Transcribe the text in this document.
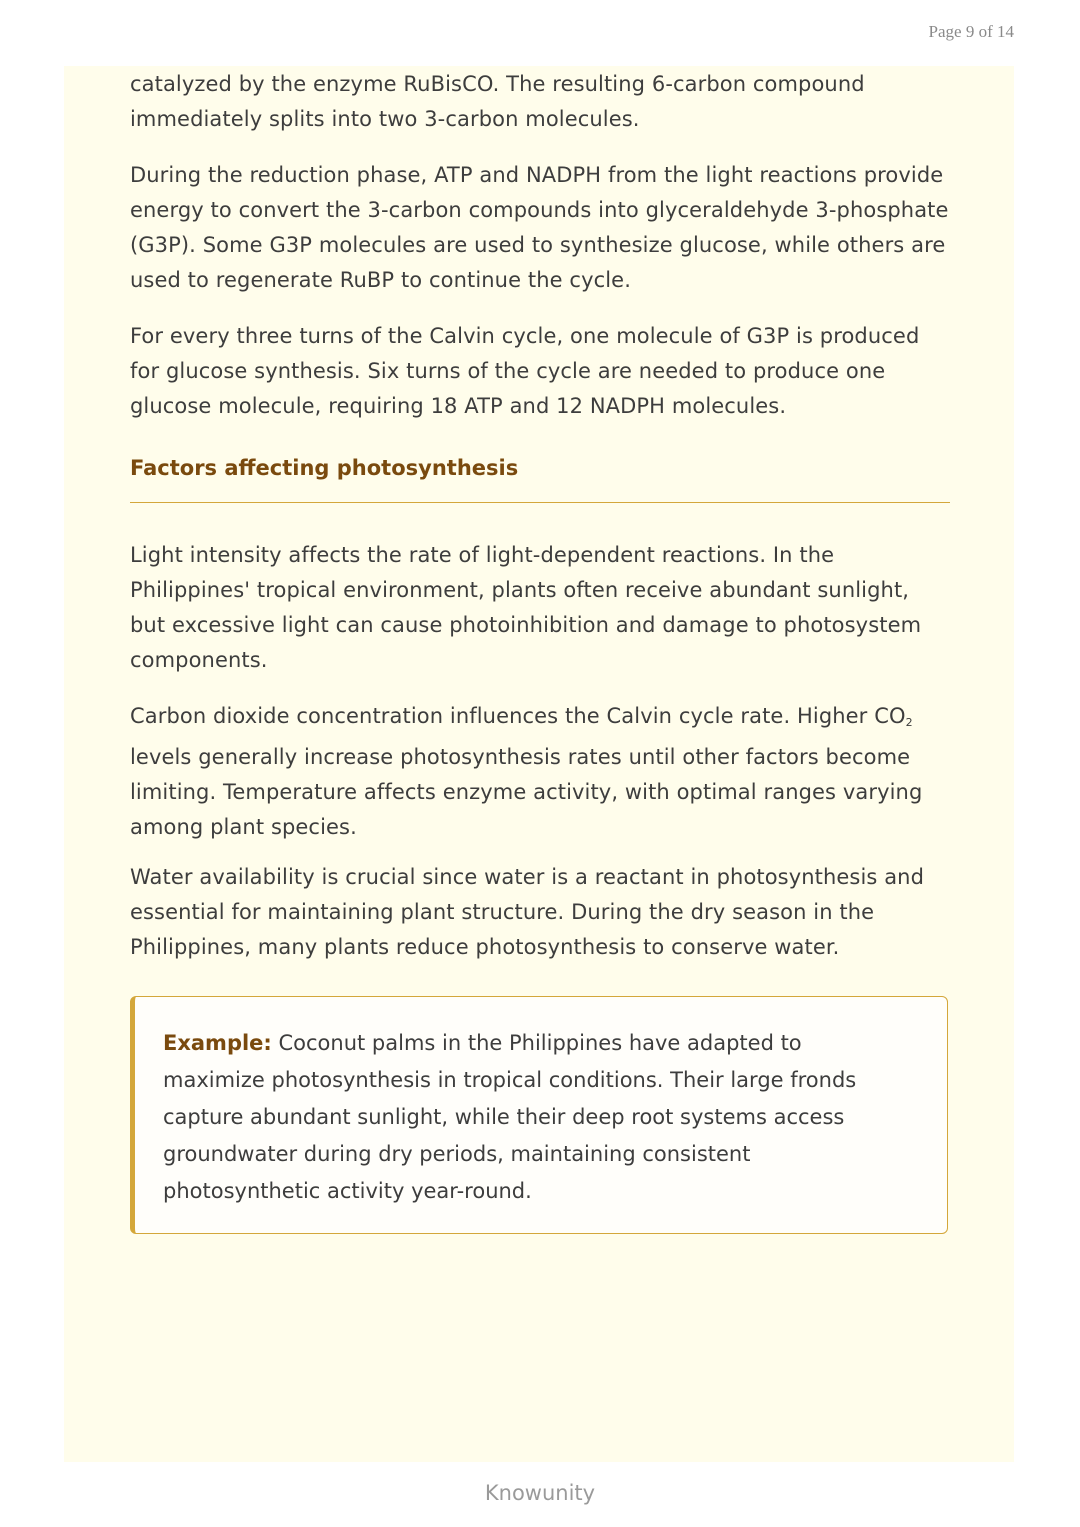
Page 9 of 14

catalyzed by the enzyme RuBisCO. The resulting 6-carbon compound immediately splits into two 3-carbon molecules.

During the reduction phase, ATP and NADPH from the light reactions provide energy to convert the 3-carbon compounds into glyceraldehyde 3-phosphate (G3P). Some G3P molecules are used to synthesize glucose, while others are used to regenerate RuBP to continue the cycle.

For every three turns of the Calvin cycle, one molecule of G3P is produced for glucose synthesis. Six turns of the cycle are needed to produce one glucose molecule, requiring 18 ATP and 12 NADPH molecules.

Factors affecting photosynthesis

Light intensity affects the rate of light-dependent reactions. In the Philippines' tropical environment, plants often receive abundant sunlight, but excessive light can cause photoinhibition and damage to photosystem components.

Carbon dioxide concentration influences the Calvin cycle rate. Higher $CO_2$ levels generally increase photosynthesis rates until other factors become limiting. Temperature affects enzyme activity, with optimal ranges varying among plant species.

Water availability is crucial since water is a reactant in photosynthesis and essential for maintaining plant structure. During the dry season in the Philippines, many plants reduce photosynthesis to conserve water.

Example: Coconut palms in the Philippines have adapted to maximize photosynthesis in tropical conditions. Their large fronds capture abundant sunlight, while their deep root systems access groundwater during dry periods, maintaining consistent photosynthetic activity year-round.

Knowunity
